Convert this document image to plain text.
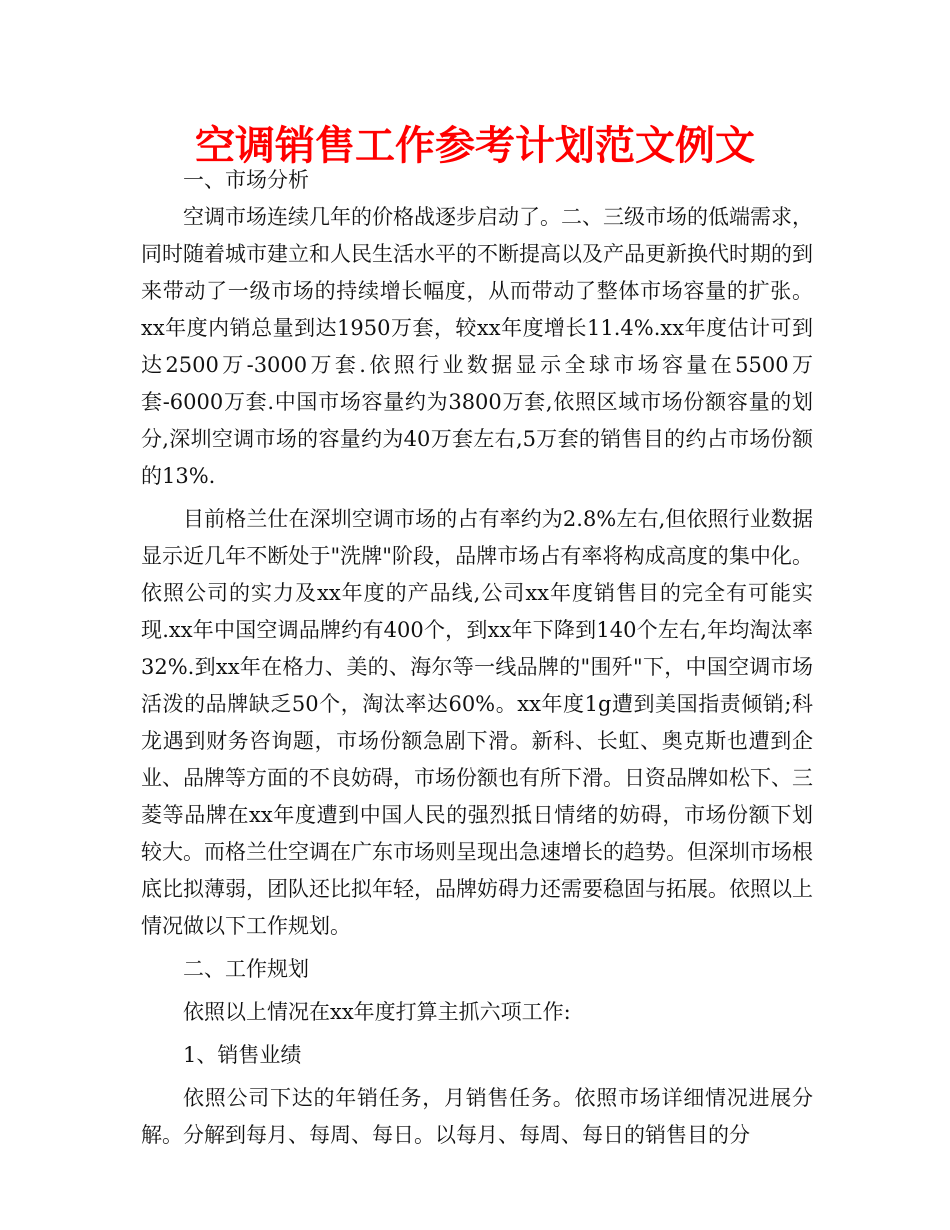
空调销售工作参考计划范文例文

一、市场分析

空调市场连续几年的价格战逐步启动了。二、三级市场的低端需求，同时随着城市建立和人民生活水平的不断提高以及产品更新换代时期的到来带动了一级市场的持续增长幅度，从而带动了整体市场容量的扩张。xx年度内销总量到达1950万套，较xx年度增长11.4%.xx年度估计可到达2500万-3000万套.依照行业数据显示全球市场容量在5500万套-6000万套.中国市场容量约为3800万套,依照区域市场份额容量的划分,深圳空调市场的容量约为40万套左右,5万套的销售目的约占市场份额的13%.

目前格兰仕在深圳空调市场的占有率约为2.8%左右,但依照行业数据显示近几年不断处于"洗牌"阶段，品牌市场占有率将构成高度的集中化。依照公司的实力及xx年度的产品线,公司xx年度销售目的完全有可能实现.xx年中国空调品牌约有400个，到xx年下降到140个左右,年均淘汰率32%.到xx年在格力、美的、海尔等一线品牌的"围歼"下，中国空调市场活泼的品牌缺乏50个，淘汰率达60%。xx年度1g遭到美国指责倾销;科龙遇到财务咨询题，市场份额急剧下滑。新科、长虹、奥克斯也遭到企业、品牌等方面的不良妨碍，市场份额也有所下滑。日资品牌如松下、三菱等品牌在xx年度遭到中国人民的强烈抵日情绪的妨碍，市场份额下划较大。而格兰仕空调在广东市场则呈现出急速增长的趋势。但深圳市场根底比拟薄弱，团队还比拟年轻，品牌妨碍力还需要稳固与拓展。依照以上情况做以下工作规划。

二、工作规划

依照以上情况在xx年度打算主抓六项工作:

1、销售业绩

依照公司下达的年销任务，月销售任务。依照市场详细情况进展分解。分解到每月、每周、每日。以每月、每周、每日的销售目的分
